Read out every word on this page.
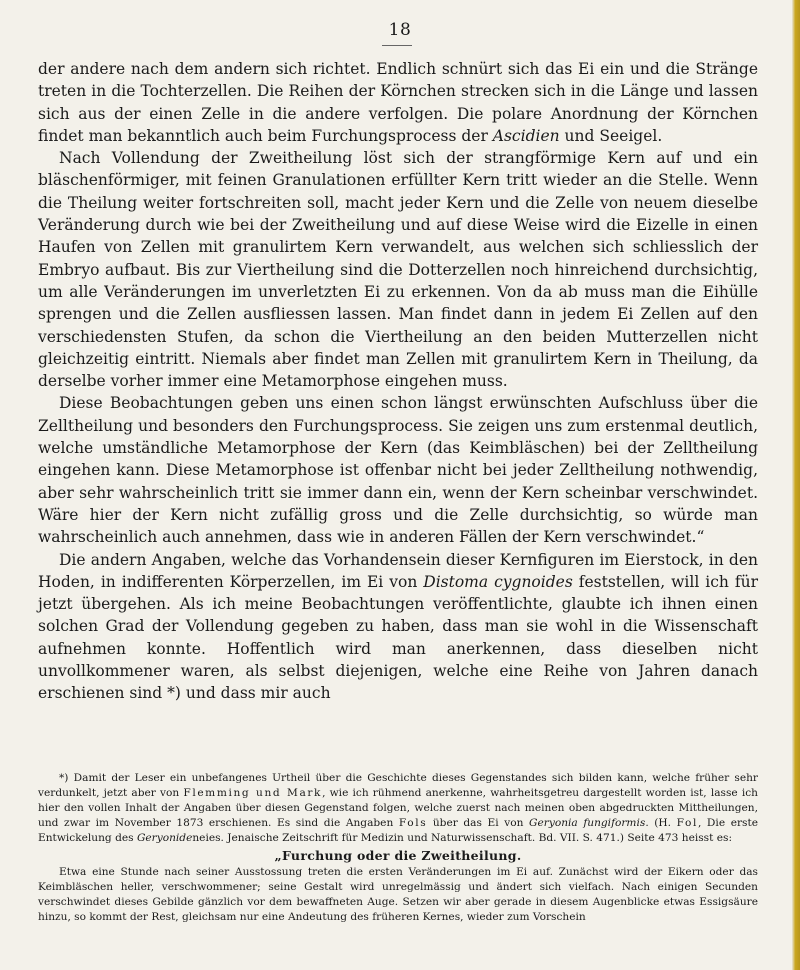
18

der andere nach dem andern sich richtet. Endlich schnürt sich das Ei ein und die Stränge treten in die Tochterzellen. Die Reihen der Körnchen strecken sich in die Länge und lassen sich aus der einen Zelle in die andere verfolgen. Die polare Anordnung der Körnchen findet man bekanntlich auch beim Furchungsprocess der Ascidien und Seeigel.

Nach Vollendung der Zweitheilung löst sich der strangförmige Kern auf und ein bläschenförmiger, mit feinen Granulationen erfüllter Kern tritt wieder an die Stelle. Wenn die Theilung weiter fortschreiten soll, macht jeder Kern und die Zelle von neuem dieselbe Veränderung durch wie bei der Zweitheilung und auf diese Weise wird die Eizelle in einen Haufen von Zellen mit granulirtem Kern verwandelt, aus welchen sich schliesslich der Embryo aufbaut. Bis zur Viertheilung sind die Dotterzellen noch hinreichend durchsichtig, um alle Veränderungen im unverletzten Ei zu erkennen. Von da ab muss man die Eihülle sprengen und die Zellen ausfliessen lassen. Man findet dann in jedem Ei Zellen auf den verschiedensten Stufen, da schon die Viertheilung an den beiden Mutterzellen nicht gleichzeitig eintritt. Niemals aber findet man Zellen mit granulirtem Kern in Theilung, da derselbe vorher immer eine Metamorphose eingehen muss.

Diese Beobachtungen geben uns einen schon längst erwünschten Aufschluss über die Zelltheilung und besonders den Furchungsprocess. Sie zeigen uns zum erstenmal deutlich, welche umständliche Metamorphose der Kern (das Keimbläschen) bei der Zelltheilung eingehen kann. Diese Metamorphose ist offenbar nicht bei jeder Zelltheilung nothwendig, aber sehr wahrscheinlich tritt sie immer dann ein, wenn der Kern scheinbar verschwindet. Wäre hier der Kern nicht zufällig gross und die Zelle durchsichtig, so würde man wahrscheinlich auch annehmen, dass wie in anderen Fällen der Kern verschwindet.“

Die andern Angaben, welche das Vorhandensein dieser Kernfiguren im Eierstock, in den Hoden, in indifferenten Körperzellen, im Ei von Distoma cygnoides feststellen, will ich für jetzt übergehen. Als ich meine Beobachtungen veröffentlichte, glaubte ich ihnen einen solchen Grad der Vollendung gegeben zu haben, dass man sie wohl in die Wissenschaft aufnehmen konnte. Hoffentlich wird man anerkennen, dass dieselben nicht unvollkommener waren, als selbst diejenigen, welche eine Reihe von Jahren danach erschienen sind *) und dass mir auch

*) Damit der Leser ein unbefangenes Urtheil über die Geschichte dieses Gegenstandes sich bilden kann, welche früher sehr verdunkelt, jetzt aber von Flemming und Mark, wie ich rühmend anerkenne, wahrheitsgetreu dargestellt worden ist, lasse ich hier den vollen Inhalt der Angaben über diesen Gegenstand folgen, welche zuerst nach meinen oben abgedruckten Mittheilungen, und zwar im November 1873 erschienen. Es sind die Angaben Fols über das Ei von Geryonia fungiformis. (H. Fol, Die erste Entwickelung des Geryonideneies. Jenaische Zeitschrift für Medizin und Naturwissenschaft. Bd. VII. S. 471.) Seite 473 heisst es:

„Furchung oder die Zweitheilung.

Etwa eine Stunde nach seiner Ausstossung treten die ersten Veränderungen im Ei auf. Zunächst wird der Eikern oder das Keimbläschen heller, verschwommener; seine Gestalt wird unregelmässig und ändert sich vielfach. Nach einigen Secunden verschwindet dieses Gebilde gänzlich vor dem bewaffneten Auge. Setzen wir aber gerade in diesem Augenblicke etwas Essigsäure hinzu, so kommt der Rest, gleichsam nur eine Andeutung des früheren Kernes, wieder zum Vorschein
